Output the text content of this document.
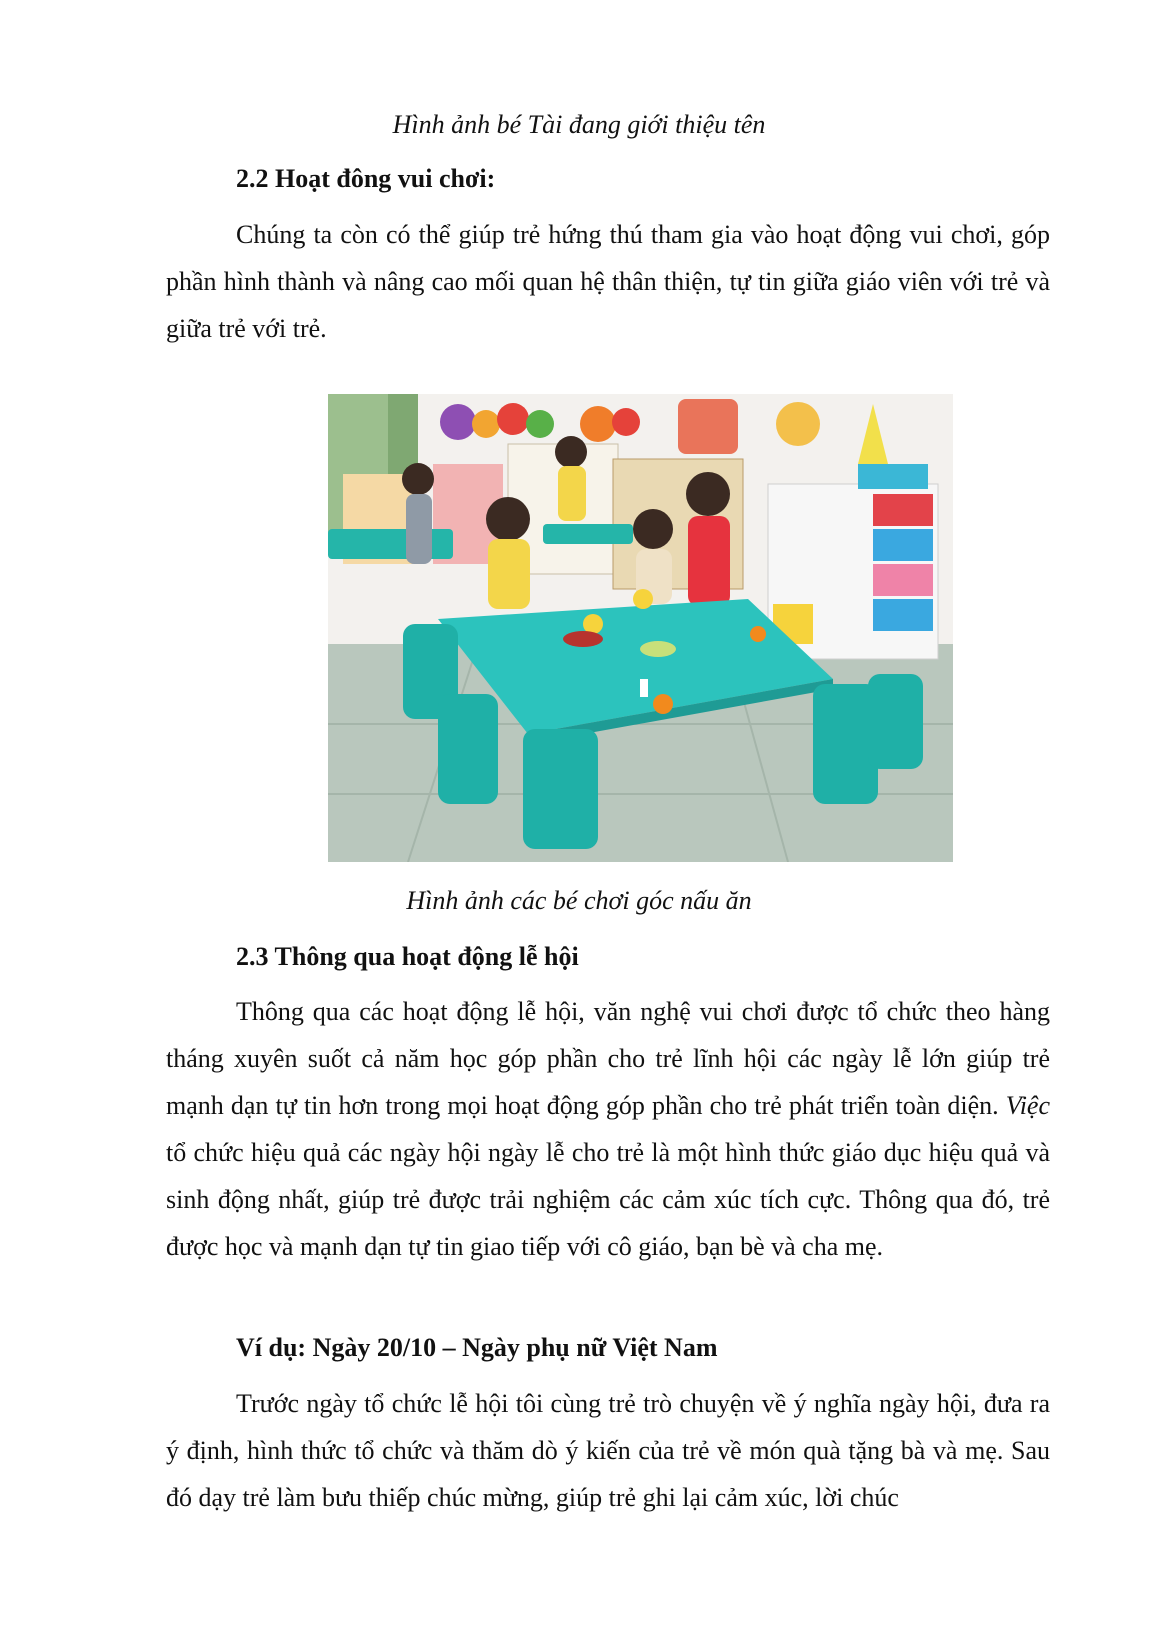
Hình ảnh bé Tài đang giới thiệu tên
2.2 Hoạt đông vui chơi:

Chúng ta còn có thể giúp trẻ hứng thú tham gia vào hoạt động vui chơi, góp phần hình thành và nâng cao mối quan hệ thân thiện, tự tin giữa giáo viên với trẻ và giữa trẻ với trẻ.

Hình ảnh các bé chơi góc nấu ăn
2.3 Thông qua hoạt động lễ hội

Thông qua các hoạt động lễ hội, văn nghệ vui chơi được tổ chức theo hàng tháng xuyên suốt cả năm học góp phần cho trẻ lĩnh hội các ngày lễ lớn giúp trẻ mạnh dạn tự tin hơn trong mọi hoạt động góp phần cho trẻ phát triển toàn diện. Việc tổ chức hiệu quả các ngày hội ngày lễ cho trẻ là một hình thức giáo dục hiệu quả và sinh động nhất, giúp trẻ được trải nghiệm các cảm xúc tích cực. Thông qua đó, trẻ được học và mạnh dạn tự tin giao tiếp với cô giáo, bạn bè và cha mẹ.

Ví dụ: Ngày 20/10 – Ngày phụ nữ Việt Nam

Trước ngày tổ chức lễ hội tôi cùng trẻ trò chuyện về ý nghĩa ngày hội, đưa ra ý định, hình thức tổ chức và thăm dò ý kiến của trẻ về món quà tặng bà và mẹ. Sau đó dạy trẻ làm bưu thiếp chúc mừng, giúp trẻ ghi lại cảm xúc, lời chúc
